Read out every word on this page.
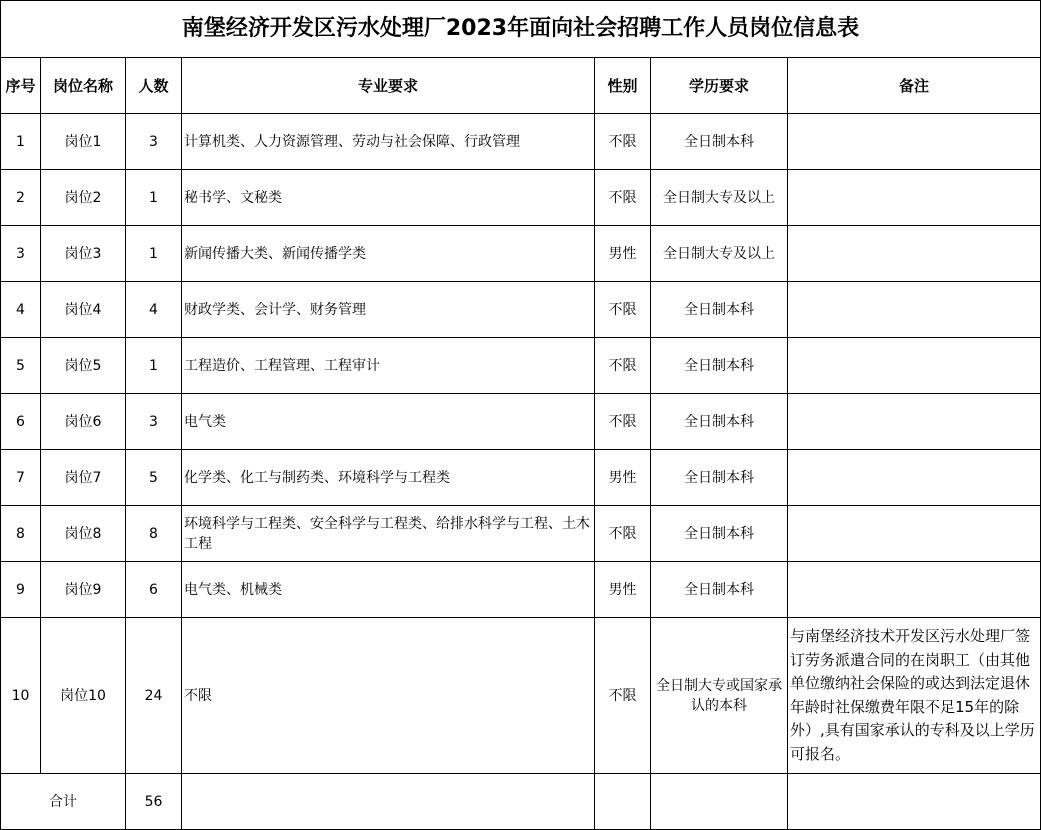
南堡经济开发区污水处理厂2023年面向社会招聘工作人员岗位信息表						
序号	岗位名称	人数	专业要求	性别	学历要求	备注
1	岗位1	3	计算机类、人力资源管理、劳动与社会保障、行政管理	不限	全日制本科	
2	岗位2	1	秘书学、文秘类	不限	全日制大专及以上	
3	岗位3	1	新闻传播大类、新闻传播学类	男性	全日制大专及以上	
4	岗位4	4	财政学类、会计学、财务管理	不限	全日制本科	
5	岗位5	1	工程造价、工程管理、工程审计	不限	全日制本科	
6	岗位6	3	电气类	不限	全日制本科	
7	岗位7	5	化学类、化工与制药类、环境科学与工程类	男性	全日制本科	
8	岗位8	8	环境科学与工程类、安全科学与工程类、给排水科学与工程、土木工程	不限	全日制本科	
9	岗位9	6	电气类、机械类	男性	全日制本科	
10	岗位10	24	不限	不限	全日制大专或国家承认的本科	与南堡经济技术开发区污水处理厂签订劳务派遣合同的在岗职工（由其他单位缴纳社会保险的或达到法定退休年龄时社保缴费年限不足15年的除外）,具有国家承认的专科及以上学历可报名。
合计		56				
